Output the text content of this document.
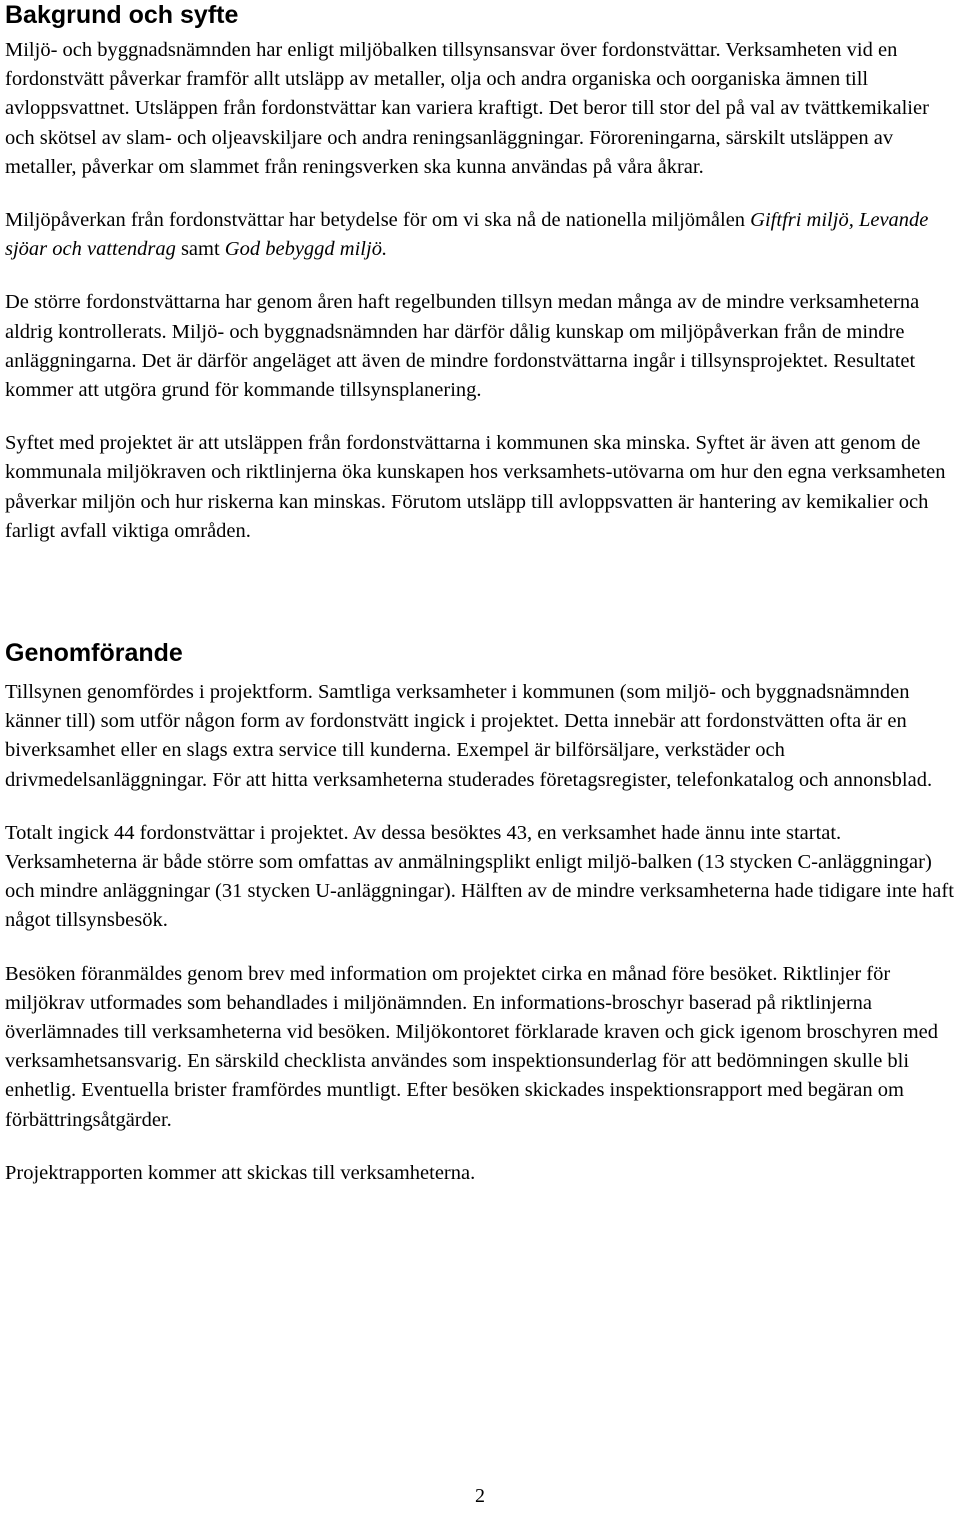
Bakgrund och syfte

Miljö- och byggnadsnämnden har enligt miljöbalken tillsynsansvar över fordonstvättar. Verksamheten vid en fordonstvätt påverkar framför allt utsläpp av metaller, olja och andra organiska och oorganiska ämnen till avloppsvattnet. Utsläppen från fordonstvättar kan variera kraftigt. Det beror till stor del på val av tvättkemikalier och skötsel av slam- och oljeavskiljare och andra reningsanläggningar. Föroreningarna, särskilt utsläppen av metaller, påverkar om slammet från reningsverken ska kunna användas på våra åkrar.

Miljöpåverkan från fordonstvättar har betydelse för om vi ska nå de nationella miljömålen Giftfri miljö, Levande sjöar och vattendrag samt God bebyggd miljö.

De större fordonstvättarna har genom åren haft regelbunden tillsyn medan många av de mindre verksamheterna aldrig kontrollerats. Miljö- och byggnadsnämnden har därför dålig kunskap om miljöpåverkan från de mindre anläggningarna. Det är därför angeläget att även de mindre fordonstvättarna ingår i tillsynsprojektet. Resultatet kommer att utgöra grund för kommande tillsynsplanering.

Syftet med projektet är att utsläppen från fordonstvättarna i kommunen ska minska. Syftet är även att genom de kommunala miljökraven och riktlinjerna öka kunskapen hos verksamhets-utövarna om hur den egna verksamheten påverkar miljön och hur riskerna kan minskas. Förutom utsläpp till avloppsvatten är hantering av kemikalier och farligt avfall viktiga områden.

Genomförande

Tillsynen genomfördes i projektform. Samtliga verksamheter i kommunen (som miljö- och byggnadsnämnden känner till) som utför någon form av fordonstvätt ingick i projektet. Detta innebär att fordonstvätten ofta är en biverksamhet eller en slags extra service till kunderna. Exempel är bilförsäljare, verkstäder och drivmedelsanläggningar. För att hitta verksamheterna studerades företagsregister, telefonkatalog och annonsblad.

Totalt ingick 44 fordonstvättar i projektet. Av dessa besöktes 43, en verksamhet hade ännu inte startat. Verksamheterna är både större som omfattas av anmälningsplikt enligt miljö-balken (13 stycken C-anläggningar) och mindre anläggningar (31 stycken U-anläggningar). Hälften av de mindre verksamheterna hade tidigare inte haft något tillsynsbesök.

Besöken föranmäldes genom brev med information om projektet cirka en månad före besöket. Riktlinjer för miljökrav utformades som behandlades i miljönämnden. En informations-broschyr baserad på riktlinjerna överlämnades till verksamheterna vid besöken. Miljökontoret förklarade kraven och gick igenom broschyren med verksamhetsansvarig. En särskild checklista användes som inspektionsunderlag för att bedömningen skulle bli enhetlig. Eventuella brister framfördes muntligt. Efter besöken skickades inspektionsrapport med begäran om förbättringsåtgärder.

Projektrapporten kommer att skickas till verksamheterna.

2
